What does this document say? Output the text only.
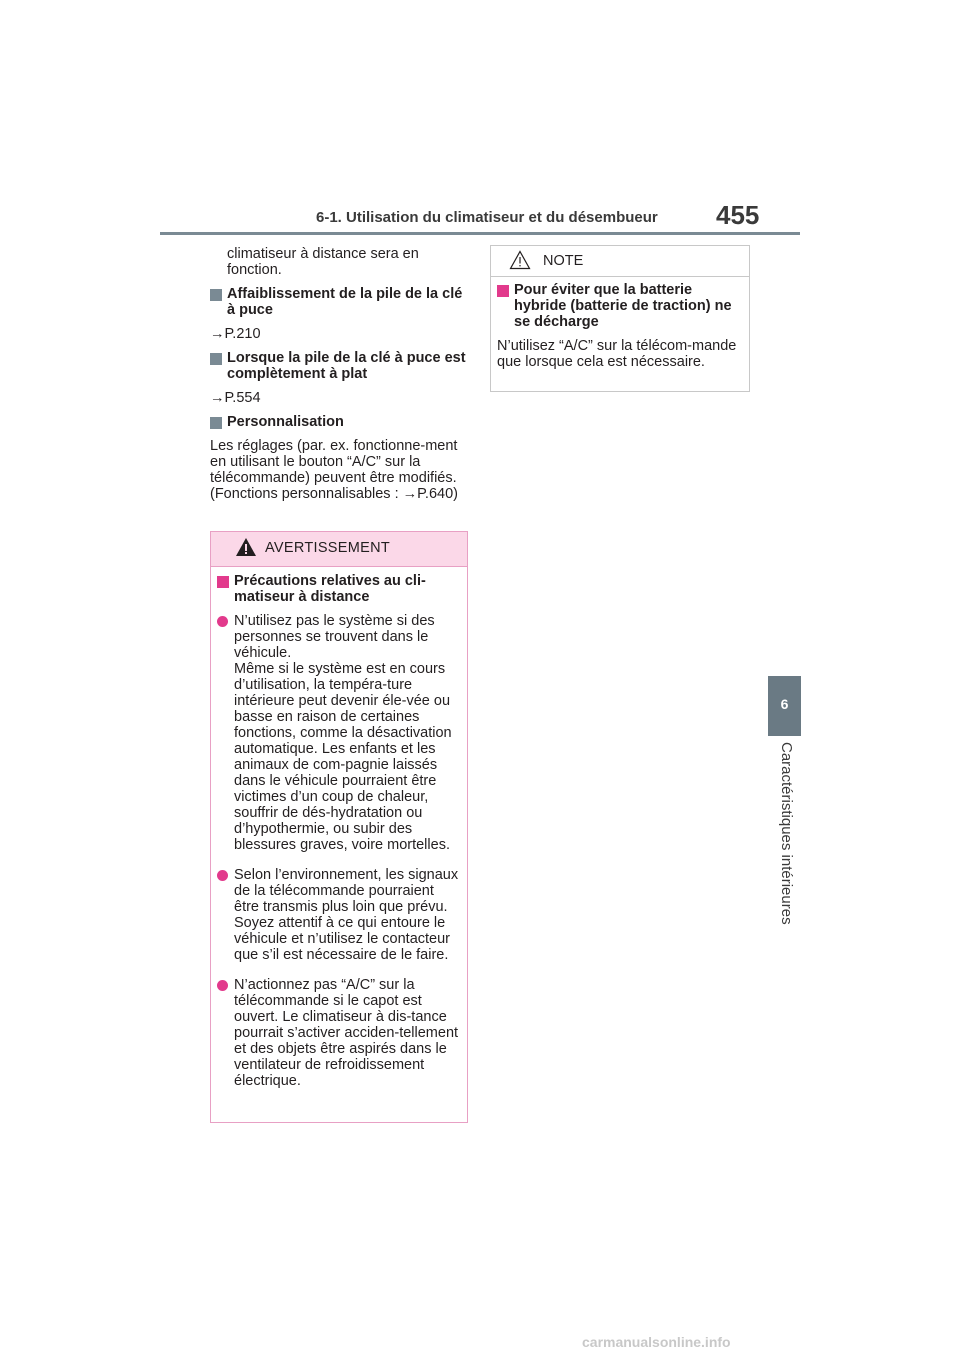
6-1. Utilisation du climatiseur et du désembueur 455
6
Caractéristiques intérieures

climatiseur à distance sera en fonction.

Affaiblissement de la pile de la clé à puce

→P.210

Lorsque la pile de la clé à puce est complètement à plat

→P.554

Personnalisation

Les réglages (par. ex. fonctionne-ment en utilisant le bouton “A/C” sur la télécommande) peuvent être modifiés. (Fonctions personnalisables : →P.640)

AVERTISSEMENT
Précautions relatives au cli-matiseur à distance
N’utilisez pas le système si des personnes se trouvent dans le véhicule.
Même si le système est en cours d’utilisation, la tempéra-ture intérieure peut devenir éle-vée ou basse en raison de certaines fonctions, comme la désactivation automatique. Les enfants et les animaux de com-pagnie laissés dans le véhicule pourraient être victimes d’un coup de chaleur, souffrir de dés-hydratation ou d’hypothermie, ou subir des blessures graves, voire mortelles.
Selon l’environnement, les signaux de la télécommande pourraient être transmis plus loin que prévu. Soyez attentif à ce qui entoure le véhicule et n’utilisez le contacteur que s’il est nécessaire de le faire.
N’actionnez pas “A/C” sur la télécommande si le capot est ouvert. Le climatiseur à dis-tance pourrait s’activer acciden-tellement et des objets être aspirés dans le ventilateur de refroidissement électrique.
NOTE
Pour éviter que la batterie hybride (batterie de traction) ne se décharge

N’utilisez “A/C” sur la télécom-mande que lorsque cela est nécessaire.

carmanualsonline.info
